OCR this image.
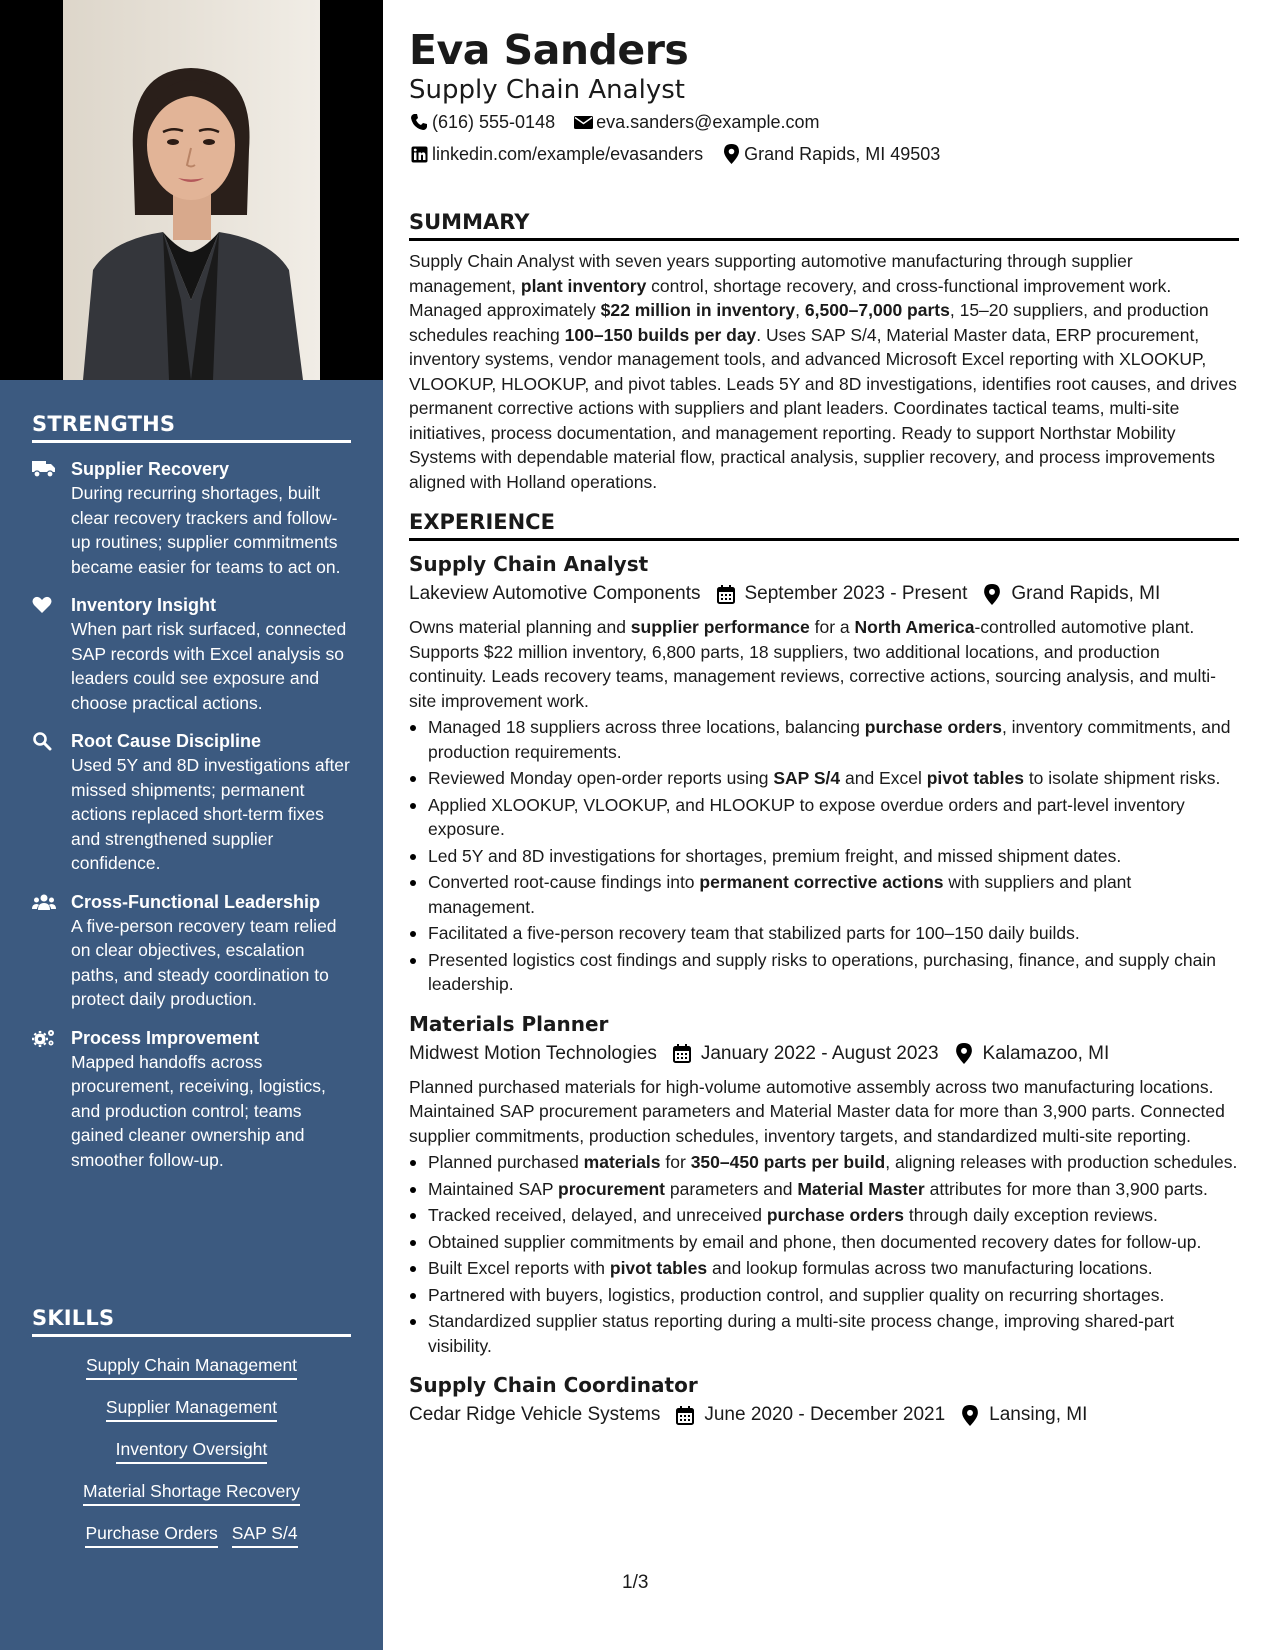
STRENGTHS
Supplier Recovery
During recurring shortages, built clear recovery trackers and follow-up routines; supplier commitments became easier for teams to act on.
Inventory Insight
When part risk surfaced, connected SAP records with Excel analysis so leaders could see exposure and choose practical actions.
Root Cause Discipline
Used 5Y and 8D investigations after missed shipments; permanent actions replaced short-term fixes and strengthened supplier confidence.
Cross-Functional Leadership
A five-person recovery team relied on clear objectives, escalation paths, and steady coordination to protect daily production.
Process Improvement
Mapped handoffs across procurement, receiving, logistics, and production control; teams gained cleaner ownership and smoother follow-up.
SKILLS
Supply Chain Management
Supplier Management
Inventory Oversight
Material Shortage Recovery
Purchase Orders SAP S/4
Eva Sanders
Supply Chain Analyst
(616) 555-0148 eva.sanders@example.com
linkedin.com/example/evasanders Grand Rapids, MI 49503
SUMMARY

Supply Chain Analyst with seven years supporting automotive manufacturing through supplier management, plant inventory control, shortage recovery, and cross-functional improvement work. Managed approximately $22 million in inventory, 6,500–7,000 parts, 15–20 suppliers, and production schedules reaching 100–150 builds per day. Uses SAP S/4, Material Master data, ERP procurement, inventory systems, vendor management tools, and advanced Microsoft Excel reporting with XLOOKUP, VLOOKUP, HLOOKUP, and pivot tables. Leads 5Y and 8D investigations, identifies root causes, and drives permanent corrective actions with suppliers and plant leaders. Coordinates tactical teams, multi-site initiatives, process documentation, and management reporting. Ready to support Northstar Mobility Systems with dependable material flow, practical analysis, supplier recovery, and process improvements aligned with Holland operations.

EXPERIENCE
Supply Chain Analyst
Lakeview Automotive Components September 2023 - Present Grand Rapids, MI

Owns material planning and supplier performance for a North America-controlled automotive plant. Supports $22 million inventory, 6,800 parts, 18 suppliers, two additional locations, and production continuity. Leads recovery teams, management reviews, corrective actions, sourcing analysis, and multi-site improvement work.

Managed 18 suppliers across three locations, balancing purchase orders, inventory commitments, and production requirements.
Reviewed Monday open-order reports using SAP S/4 and Excel pivot tables to isolate shipment risks.
Applied XLOOKUP, VLOOKUP, and HLOOKUP to expose overdue orders and part-level inventory exposure.
Led 5Y and 8D investigations for shortages, premium freight, and missed shipment dates.
Converted root-cause findings into permanent corrective actions with suppliers and plant management.
Facilitated a five-person recovery team that stabilized parts for 100–150 daily builds.
Presented logistics cost findings and supply risks to operations, purchasing, finance, and supply chain leadership.
Materials Planner
Midwest Motion Technologies January 2022 - August 2023 Kalamazoo, MI

Planned purchased materials for high-volume automotive assembly across two manufacturing locations. Maintained SAP procurement parameters and Material Master data for more than 3,900 parts. Connected supplier commitments, production schedules, inventory targets, and standardized multi-site reporting.

Planned purchased materials for 350–450 parts per build, aligning releases with production schedules.
Maintained SAP procurement parameters and Material Master attributes for more than 3,900 parts.
Tracked received, delayed, and unreceived purchase orders through daily exception reviews.
Obtained supplier commitments by email and phone, then documented recovery dates for follow-up.
Built Excel reports with pivot tables and lookup formulas across two manufacturing locations.
Partnered with buyers, logistics, production control, and supplier quality on recurring shortages.
Standardized supplier status reporting during a multi-site process change, improving shared-part visibility.
Supply Chain Coordinator
Cedar Ridge Vehicle Systems June 2020 - December 2021 Lansing, MI
1/3
